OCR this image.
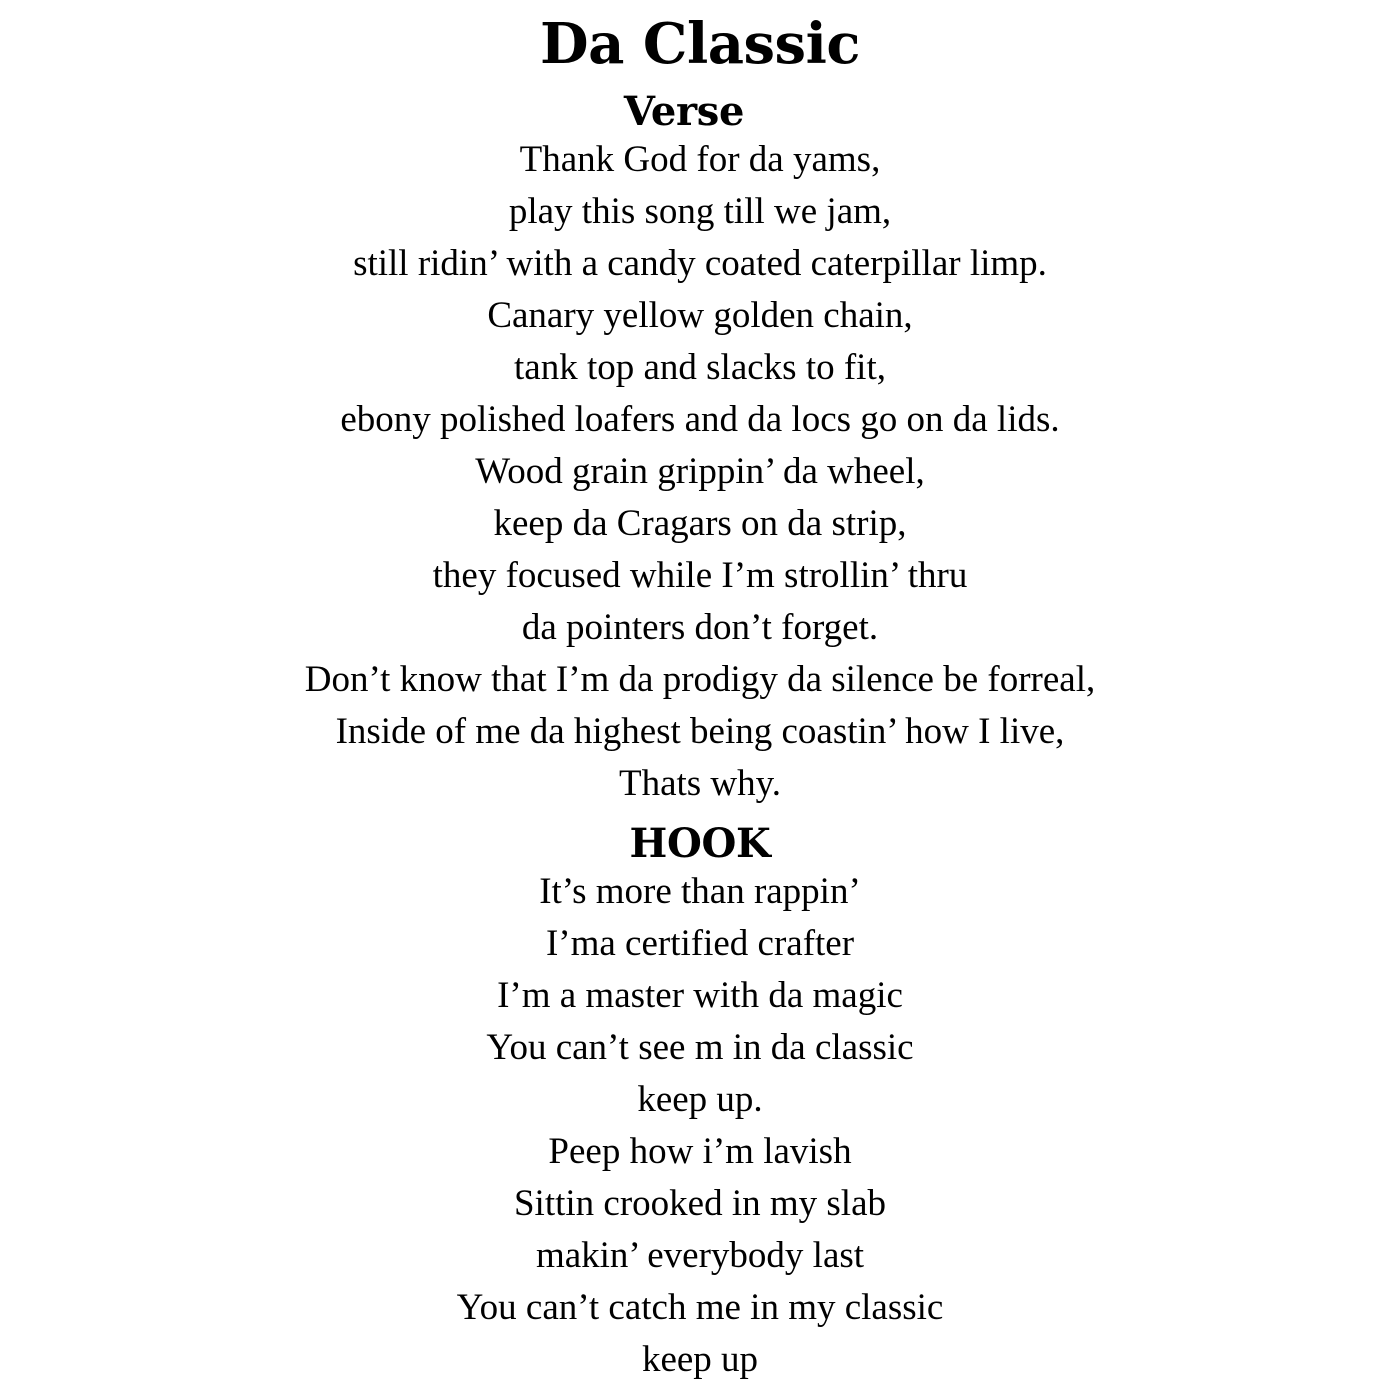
Da Classic
Verse
Thank God for da yams,
play this song till we jam,
still ridin’ with a candy coated caterpillar limp.
Canary yellow golden chain,
tank top and slacks to fit,
ebony polished loafers and da locs go on da lids.
Wood grain grippin’ da wheel,
keep da Cragars on da strip,
they focused while I’m strollin’ thru
da pointers don’t forget.
Don’t know that I’m da prodigy da silence be forreal,
Inside of me da highest being coastin’ how I live,
Thats why.
HOOK
It’s more than rappin’
I’ma certified crafter
I’m a master with da magic
You can’t see m in da classic
keep up.
Peep how i’m lavish
Sittin crooked in my slab
makin’ everybody last
You can’t catch me in my classic
keep up
